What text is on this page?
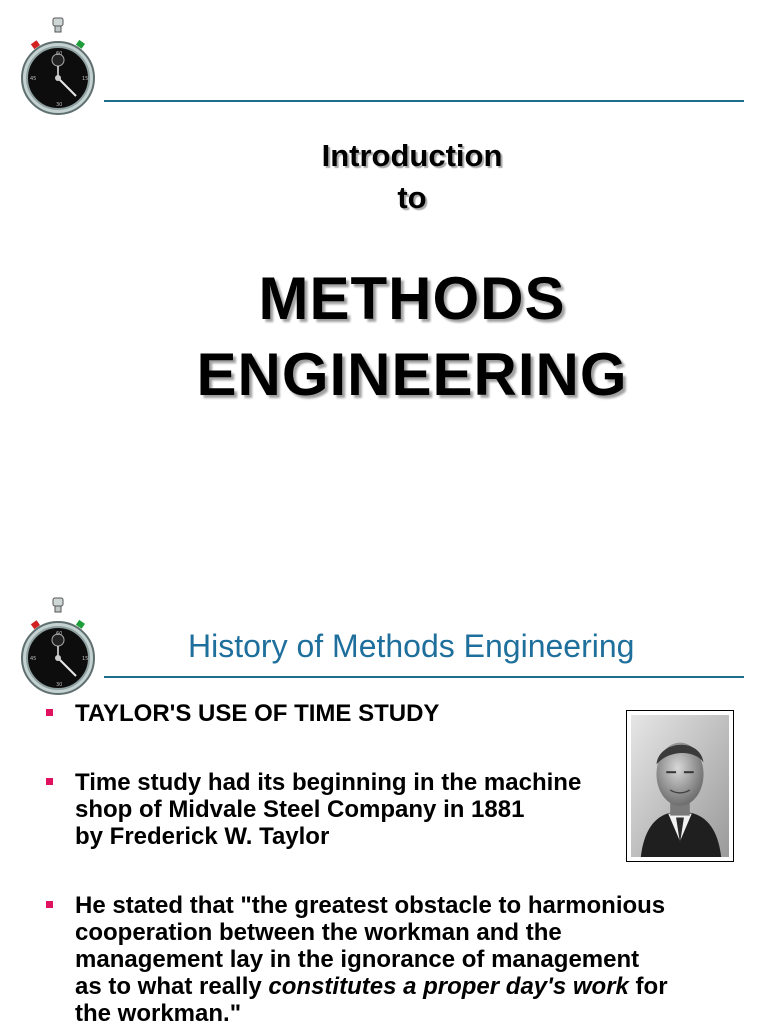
60
15
30
45
Introduction
to
METHODS
ENGINEERING
60
15
30
45	History of Methods Engineering
TAYLOR'S USE OF TIME STUDY
Time study had its beginning in the machine
shop of Midvale Steel Company in 1881
by Frederick W. Taylor
He stated that "the greatest obstacle to harmonious
cooperation between the workman and the
management lay in the ignorance of management
as to what really constitutes a proper day's work for
the workman."
